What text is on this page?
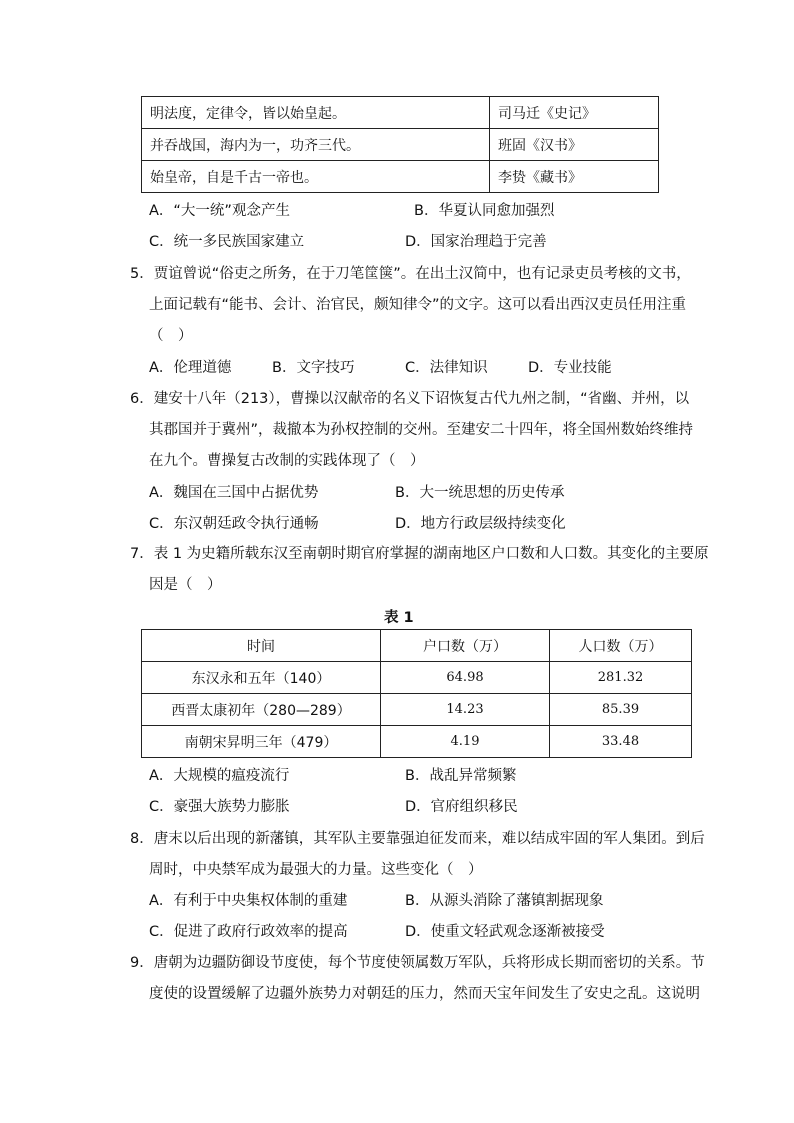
明法度，定律令，皆以始皇起。	司马迁《史记》
并吞战国，海内为一，功齐三代。	班固《汉书》
始皇帝，自是千古一帝也。	李贽《藏书》
A．“大一统”观念产生	B．华夏认同愈加强烈
C．统一多民族国家建立	D．国家治理趋于完善
5．贾谊曾说“俗吏之所务，在于刀笔筐箧”。在出土汉简中，也有记录吏员考核的文书，
上面记载有“能书、会计、治官民，颇知律令”的文字。这可以看出西汉吏员任用注重
（　）
A．伦理道德	B．文字技巧	C．法律知识	D．专业技能
6．建安十八年（213），曹操以汉献帝的名义下诏恢复古代九州之制，“省幽、并州，以
其郡国并于冀州”，裁撤本为孙权控制的交州。至建安二十四年，将全国州数始终维持
在九个。曹操复古改制的实践体现了（　）
A．魏国在三国中占据优势	B．大一统思想的历史传承
C．东汉朝廷政令执行通畅	D．地方行政层级持续变化
7．表 1 为史籍所载东汉至南朝时期官府掌握的湖南地区户口数和人口数。其变化的主要原
因是（　）
表 1
时间	户口数（万）	人口数（万）
东汉永和五年（140）	64.98	281.32
西晋太康初年（280—289）	14.23	85.39
南朝宋昇明三年（479）	4.19	33.48
A．大规模的瘟疫流行	B．战乱异常频繁
C．豪强大族势力膨胀	D．官府组织移民
8．唐末以后出现的新藩镇，其军队主要靠强迫征发而来，难以结成牢固的军人集团。到后
周时，中央禁军成为最强大的力量。这些变化（　）
A．有利于中央集权体制的重建	B．从源头消除了藩镇割据现象
C．促进了政府行政效率的提高	D．使重文轻武观念逐渐被接受
9．唐朝为边疆防御设节度使，每个节度使领属数万军队，兵将形成长期而密切的关系。节
度使的设置缓解了边疆外族势力对朝廷的压力，然而天宝年间发生了安史之乱。这说明
